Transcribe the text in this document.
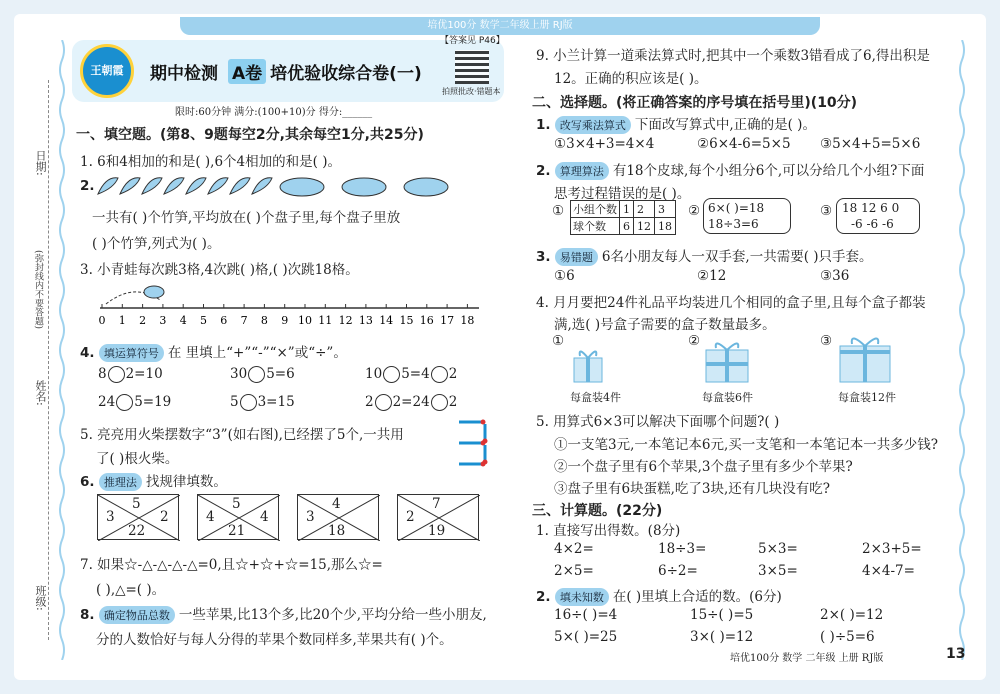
培优100分 数学二年级上册 RJ版
日期:
(弥封线内不要答题)
姓名:
班级:
王朝霞	期中检测 A卷 培优验收综合卷(一)
【答案见 P46】
拍照批改·错题本
限时:60分钟 满分:(100+10)分 得分:______
一、填空题。(第8、9题每空2分,其余每空1分,共25分)
1. 6和4相加的和是( ),6个4相加的和是( )。
2.
一共有( )个竹笋,平均放在( )个盘子里,每个盘子里放
( )个竹笋,列式为( )。
3. 小青蛙每次跳3格,4次跳( )格,( )次跳18格。
0 1 2 3 4 5 6 7 8 9 10 11 12 13 14 15 16 17 18
4. 填运算符号 在 里填上“+”“-”“×”或“÷”。
8 2=10	30 5=6	10 5=4 2
24 5=19	5 3=15	2 2=24 2
5. 亮亮用火柴摆数字“3”(如右图),已经摆了5个,一共用
了( )根火柴。
6. 推理法 找规律填数。
5
3	2
22
5
4	4
21
4
3
18
7
2
19
7. 如果☆-△-△-△-△=0,且☆+☆+☆=15,那么☆=
( ),△=( )。
8. 确定物品总数 一些苹果,比13个多,比20个少,平均分给一些小朋友,
分的人数恰好与每人分得的苹果个数同样多,苹果共有( )个。
9. 小兰计算一道乘法算式时,把其中一个乘数3错看成了6,得出积是
12。正确的积应该是( )。
二、选择题。(将正确答案的序号填在括号里)(10分)
1. 改写乘法算式 下面改写算式中,正确的是( )。
①3×4+3=4×4	②6×4-6=5×5 ③5×4+5=5×6
2. 算理算法 有18个皮球,每个小组分6个,可以分给几个小组?下面
思考过程错误的是( )。
① 小组个数	1	2	3
球个数	6	12	18
② 6×( )=18
18÷3=6
③ 18 12 6 0
-6 -6 -6
3. 易错题 6名小朋友每人一双手套,一共需要( )只手套。
①6	②12	③36
4. 月月要把24件礼品平均装进几个相同的盒子里,且每个盒子都装
满,选( )号盒子需要的盒子数量最多。
①	②	③
每盒装4件	每盒装6件	每盒装12件
5. 用算式6×3可以解决下面哪个问题?( )
①一支笔3元,一本笔记本6元,买一支笔和一本笔记本一共多少钱?
②一个盘子里有6个苹果,3个盘子里有多少个苹果?
③盘子里有6块蛋糕,吃了3块,还有几块没有吃?
三、计算题。(22分)
1. 直接写出得数。(8分)
4×2=	18÷3=	5×3=	2×3+5=
2×5=	6÷2=	3×5=	4×4-7=
2. 填未知数 在( )里填上合适的数。(6分)
16÷( )=4	15÷( )=5	2×( )=12
5×( )=25	3×( )=12	( )÷5=6
培优100分 数学 二年级 上册 RJ版	13
